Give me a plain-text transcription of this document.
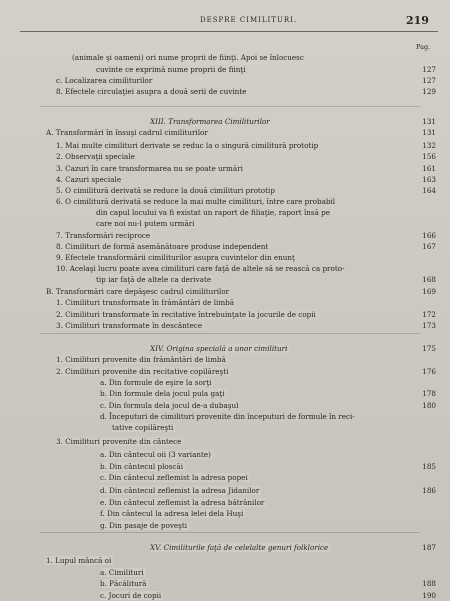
DESPRE CIMILITURI.	219
Pag.
(animale şi oameni) ori nume proprii de fiinţi. Apoi se înlocuesc
cuvinte ce exprimă nume proprii de fiinţi	127
c. Localizarea cimiliturilor	127
8. Efectele circulaţiei asupra a două serii de cuvinte	129
XIII. Transformarea Cimiliturilor	131
A. Transformări în însuşi cadrul cimiliturilor	131
1. Mai multe cimilituri derivate se reduc la o singură cimilitură prototip	132
2. Observaţii speciale	156
3. Cazuri în care transformarea nu se poate urmări	161
4. Cazuri speciale	163
5. O cimilitură derivată se reduce la două cimilituri prototip	164
6. O cimilitură derivată se reduce la mai multe cimilituri, între care probabil
din capul locului va fi existat un raport de filiaţie, raport însă pe
care noi nu-l putem urmări
7. Transformări reciproce	166
8. Cimilituri de formă asemănătoare produse independent	167
9. Efectele transformării cimiliturilor asupra cuvintelor din enunţ
10. Acelaşi lucru poate avea cimilituri care faţă de altele să se rească ca proto-
tip iar faţă de altele ca derivate	168
B. Transformări care depăşesc cadrul cimiliturilor	169
1. Cimilituri transformate în frământări de limbă
2. Cimilituri transformate în recitative întrebuinţate la jocurile de copii	172
3. Cimilituri transformate în descântece	173
XIV. Origina specială a unor cimilituri	175
1. Cimilituri provenite din frământări de limbă
2. Cimilituri provenite din recitative copilăreşti	176
a. Din formule de eşire la sorţi
b. Din formule dela jocul pula gaţi	178
c. Din formula dela jocul de-a dubaşul	180
d. Începuturi de cimilituri provenite din începuturi de formule în reci-
tative copilăreşti
3. Cimilituri provenite din cântece
a. Din cântecul oii (3 variante)
b. Din cântecul ploscăi	185
c. Din cântecul zeflemist la adresa popei
d. Din cântecul zeflemist la adresa Jidanilor	186
e. Din cântecul zeflemist la adresa bătrânilor
f. Din cântecul la adresa lelei dela Huşi
g. Din pasaje de poveşti
XV. Cimiliturile faţă de celelalte genuri folklorice	187
1. Lupul mâncă oi
a. Cimilituri
b. Păcălitură	188
c. Jocuri de copii	190
